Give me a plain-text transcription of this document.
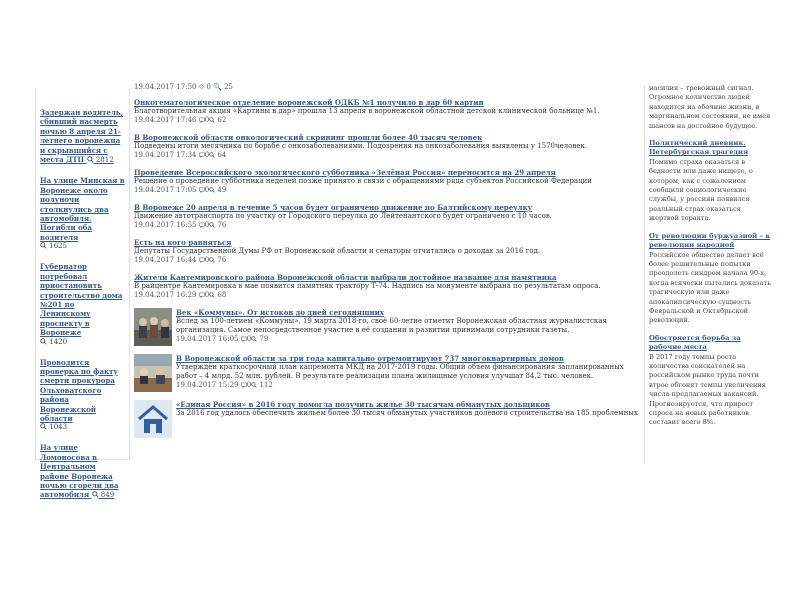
Задержан водитель, сбивший насмерть ночью 8 апреля 21-летнего воронежца и скрывшийся с места ДТП 2812
На улице Минская в Воронеже около полуночи столкнулись два автомобиля. Погибли оба водителя
1625
Губернатор потребовал приостановить строительство дома №201 по Ленинскому проспекту в Воронеже
1420
Проводится проверка по факту смерти прокурора Ольховатского района Воронежской области
1043
На улице Ломоносова в Центральном районе Воронежа ночью сгорели два автомобиля 849
19.04.2017 17:50 ⟐ 0 🔍 25
Онкогематологическое отделение воронежской ОДКБ №1 получило в дар 60 картин
Благотворительная акция «Картины в дар» прошла 13 апреля в воронежской областной детской клинической больнице №1.
19.04.2017 17:46 0 62
В Воронежской области онкологический скрининг прошли более 40 тысяч человек
Подведены итоги месячника по борьбе с онкозаболеваниями. Подозрения на онкозаболевания выявлены у 1570человек.
19.04.2017 17:34 0 64
Проведение Всероссийского экологического субботника «Зелёная Россия» переносится на 29 апреля
Решение о проведение субботника неделей позже принято в связи с обращениями ряда субъектов Российской Федерации
19.04.2017 17:05 0 49
В Воронеже 20 апреля в течение 5 часов будет ограничено движение по Балтийскому переулку
Движение автотранспорта по участку от Городского переулка до Лейтенантского будет ограничено с 10 часов.
19.04.2017 16:55 0 76
Есть на кого равняться
Депутаты Государственной Думы РФ от Воронежской области и сенаторы отчитались о доходах за 2016 год.
19.04.2017 16:44 0 76
Жители Кантемировского района Воронежской области выбрали достойное название для памятника
В райцентре Кантемировка в мае появится памятник трактору Т-74. Надпись на монументе выбрана по результатам опроса.
19.04.2017 16:29 0 68
Век «Коммуны». От истоков до дней сегодняшних
Вслед за 100-летием «Коммуны», 19 марта 2018-го, своё 60-летие отметит Воронежская областная журналистская организация. Самое непосредственное участие в её создании и развитии принимали сотрудники газеты.
19.04.2017 16:05 0 79
В Воронежской области за три года капитально отремонтируют 737 многоквартирных домов
Утверждён краткосрочный план капремонта МКД на 2017-2019 годы. Общий объем финансирования запланированных работ – 4 млрд. 52 млн. рублей. В результате реализации плана жилищные условия улучшат 84,2 тыс. человек.
19.04.2017 15:29 0 112
«Единая Россия» в 2016 году помогла получить жилье 30 тысячам обманутых дольщиков
За 2016 год удалось обеспечить жильем более 30 тысяч обманутых участников долевого строительства на 185 проблемных
насилия – тревожный сигнал.
Огромное количество людей находится на обочине жизни, в маргинальном состоянии, не имея шансов на достойное будущее.
Политический дневник. Петербургская трагедия
Помимо страха оказаться в бедности или даже нищете, о котором, как с сожалением сообщили социологические службы, у россиян появился реальный страх оказаться жертвой теракта.
От революции буржуазной – к революции народной
Российское общество делает всё более решительные попытки преодолеть синдром начала 90-х, когда всячески пытались доказать трагическую или даже апокалипсическую сущность Февральской и Октябрьской революций.
Обостряется борьба за рабочие места
В 2017 году темпы роста количества соискателей на российском рынке труда почти втрое обгонят темпы увеличения числа предлагаемых вакансий. Прогнозируется, что прирост спроса на новых работников составит всего 8%.
